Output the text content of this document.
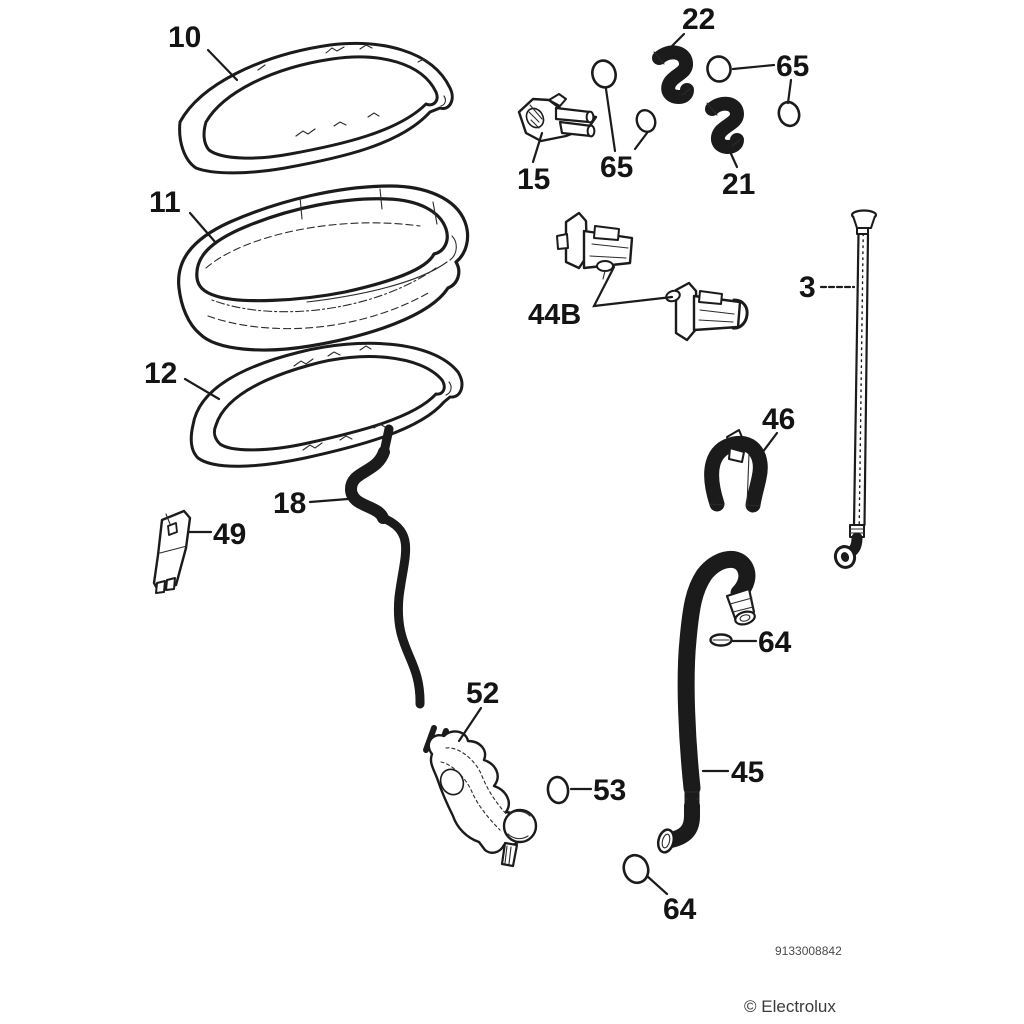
10
11
12
15
18
21
22
3
44B
45
46
49
52
53
64
64
65
65
9133008842
© Electrolux
